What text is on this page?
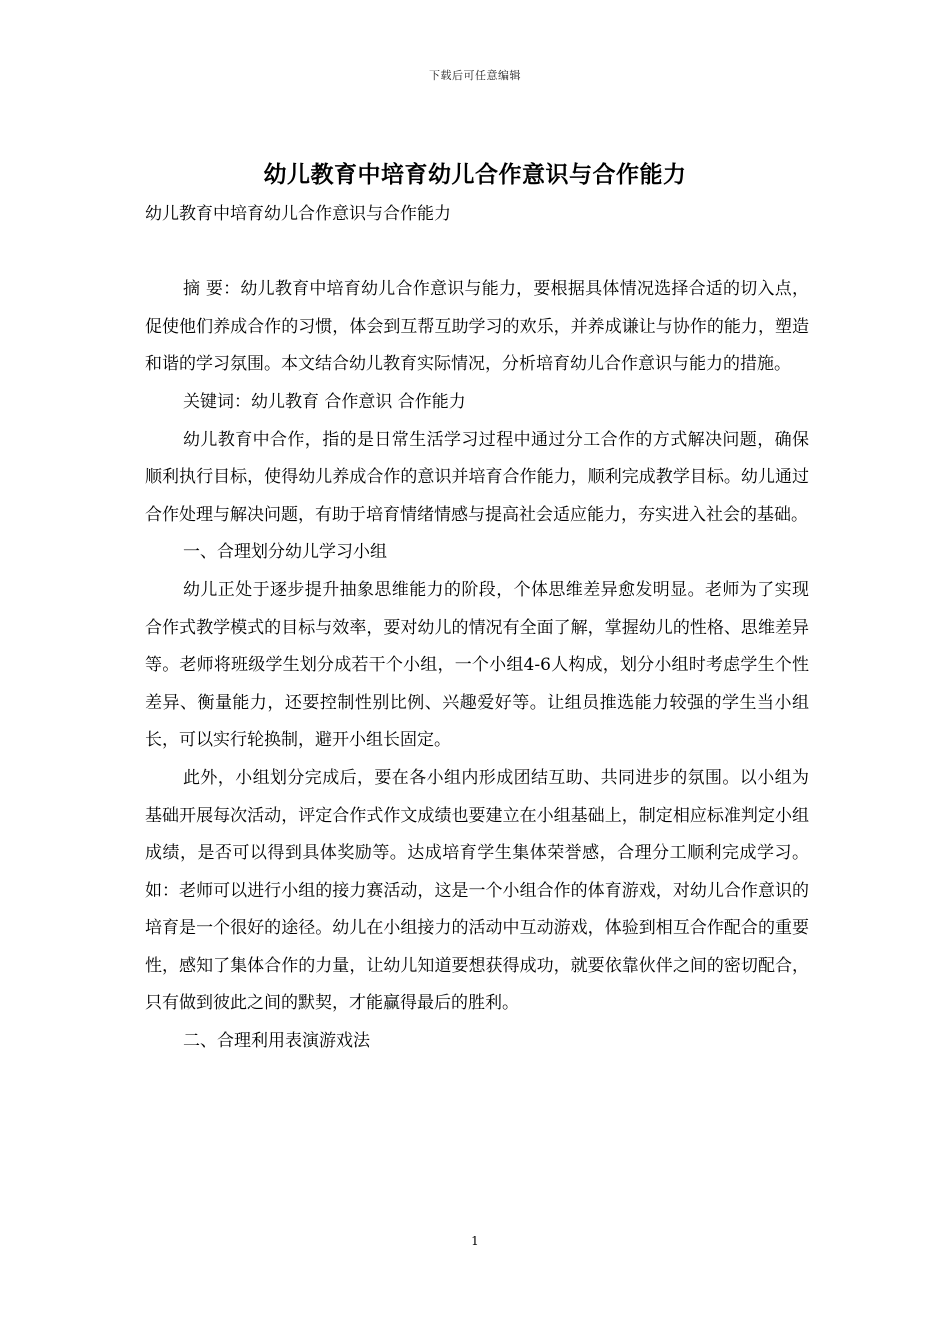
下载后可任意编辑
幼儿教育中培育幼儿合作意识与合作能力

幼儿教育中培育幼儿合作意识与合作能力

摘 要：幼儿教育中培育幼儿合作意识与能力，要根据具体情况选择合适的切入点，促使他们养成合作的习惯，体会到互帮互助学习的欢乐，并养成谦让与协作的能力，塑造和谐的学习氛围。本文结合幼儿教育实际情况，分析培育幼儿合作意识与能力的措施。

关键词：幼儿教育 合作意识 合作能力

幼儿教育中合作，指的是日常生活学习过程中通过分工合作的方式解决问题，确保顺利执行目标，使得幼儿养成合作的意识并培育合作能力，顺利完成教学目标。幼儿通过合作处理与解决问题，有助于培育情绪情感与提高社会适应能力，夯实进入社会的基础。

一、合理划分幼儿学习小组

幼儿正处于逐步提升抽象思维能力的阶段，个体思维差异愈发明显。老师为了实现合作式教学模式的目标与效率，要对幼儿的情况有全面了解，掌握幼儿的性格、思维差异等。老师将班级学生划分成若干个小组，一个小组4-6人构成，划分小组时考虑学生个性差异、衡量能力，还要控制性别比例、兴趣爱好等。让组员推选能力较强的学生当小组长，可以实行轮换制，避开小组长固定。

此外，小组划分完成后，要在各小组内形成团结互助、共同进步的氛围。以小组为基础开展每次活动，评定合作式作文成绩也要建立在小组基础上，制定相应标准判定小组成绩，是否可以得到具体奖励等。达成培育学生集体荣誉感，合理分工顺利完成学习。如：老师可以进行小组的接力赛活动，这是一个小组合作的体育游戏，对幼儿合作意识的培育是一个很好的途径。幼儿在小组接力的活动中互动游戏，体验到相互合作配合的重要性，感知了集体合作的力量，让幼儿知道要想获得成功，就要依靠伙伴之间的密切配合，只有做到彼此之间的默契，才能赢得最后的胜利。

二、合理利用表演游戏法

1
